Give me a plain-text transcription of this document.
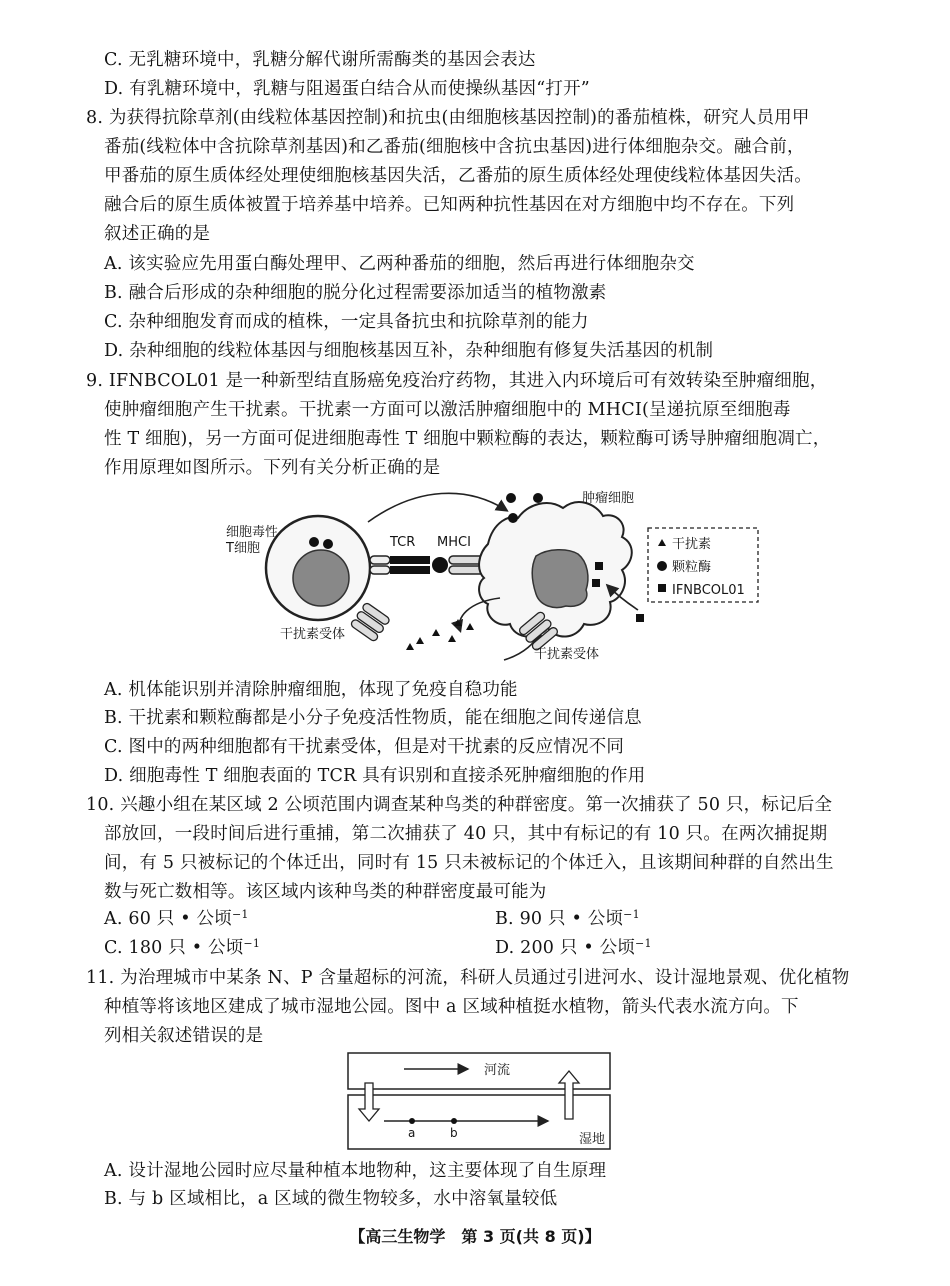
C. 无乳糖环境中，乳糖分解代谢所需酶类的基因会表达
D. 有乳糖环境中，乳糖与阻遏蛋白结合从而使操纵基因“打开”
8. 为获得抗除草剂(由线粒体基因控制)和抗虫(由细胞核基因控制)的番茄植株，研究人员用甲
番茄(线粒体中含抗除草剂基因)和乙番茄(细胞核中含抗虫基因)进行体细胞杂交。融合前，
甲番茄的原生质体经处理使细胞核基因失活，乙番茄的原生质体经处理使线粒体基因失活。
融合后的原生质体被置于培养基中培养。已知两种抗性基因在对方细胞中均不存在。下列
叙述正确的是
A. 该实验应先用蛋白酶处理甲、乙两种番茄的细胞，然后再进行体细胞杂交
B. 融合后形成的杂种细胞的脱分化过程需要添加适当的植物激素
C. 杂种细胞发育而成的植株，一定具备抗虫和抗除草剂的能力
D. 杂种细胞的线粒体基因与细胞核基因互补，杂种细胞有修复失活基因的机制
9. IFNBCOL01 是一种新型结直肠癌免疫治疗药物，其进入内环境后可有效转染至肿瘤细胞，
使肿瘤细胞产生干扰素。干扰素一方面可以激活肿瘤细胞中的 MHCⅠ(呈递抗原至细胞毒
性 T 细胞)，另一方面可促进细胞毒性 T 细胞中颗粒酶的表达，颗粒酶可诱导肿瘤细胞凋亡，
作用原理如图所示。下列有关分析正确的是
细胞毒性
T细胞	TCR MHCⅠ
肿瘤细胞
干扰素受体
干扰素受体
干扰素
颗粒酶
IFNBCOL01
A. 机体能识别并清除肿瘤细胞，体现了免疫自稳功能
B. 干扰素和颗粒酶都是小分子免疫活性物质，能在细胞之间传递信息
C. 图中的两种细胞都有干扰素受体，但是对干扰素的反应情况不同
D. 细胞毒性 T 细胞表面的 TCR 具有识别和直接杀死肿瘤细胞的作用
10. 兴趣小组在某区域 2 公顷范围内调查某种鸟类的种群密度。第一次捕获了 50 只，标记后全
部放回，一段时间后进行重捕，第二次捕获了 40 只，其中有标记的有 10 只。在两次捕捉期
间，有 5 只被标记的个体迁出，同时有 15 只未被标记的个体迁入，且该期间种群的自然出生
数与死亡数相等。该区域内该种鸟类的种群密度最可能为
A. 60 只 • 公顷$^{-1}$	B. 90 只 • 公顷$^{-1}$
C. 180 只 • 公顷$^{-1}$	D. 200 只 • 公顷$^{-1}$
11. 为治理城市中某条 N、P 含量超标的河流，科研人员通过引进河水、设计湿地景观、优化植物
种植等将该地区建成了城市湿地公园。图中 a 区域种植挺水植物，箭头代表水流方向。下
列相关叙述错误的是
河流
a	b	湿地
A. 设计湿地公园时应尽量种植本地物种，这主要体现了自生原理
B. 与 b 区域相比，a 区域的微生物较多，水中溶氧量较低
【高三生物学　第 3 页(共 8 页)】
